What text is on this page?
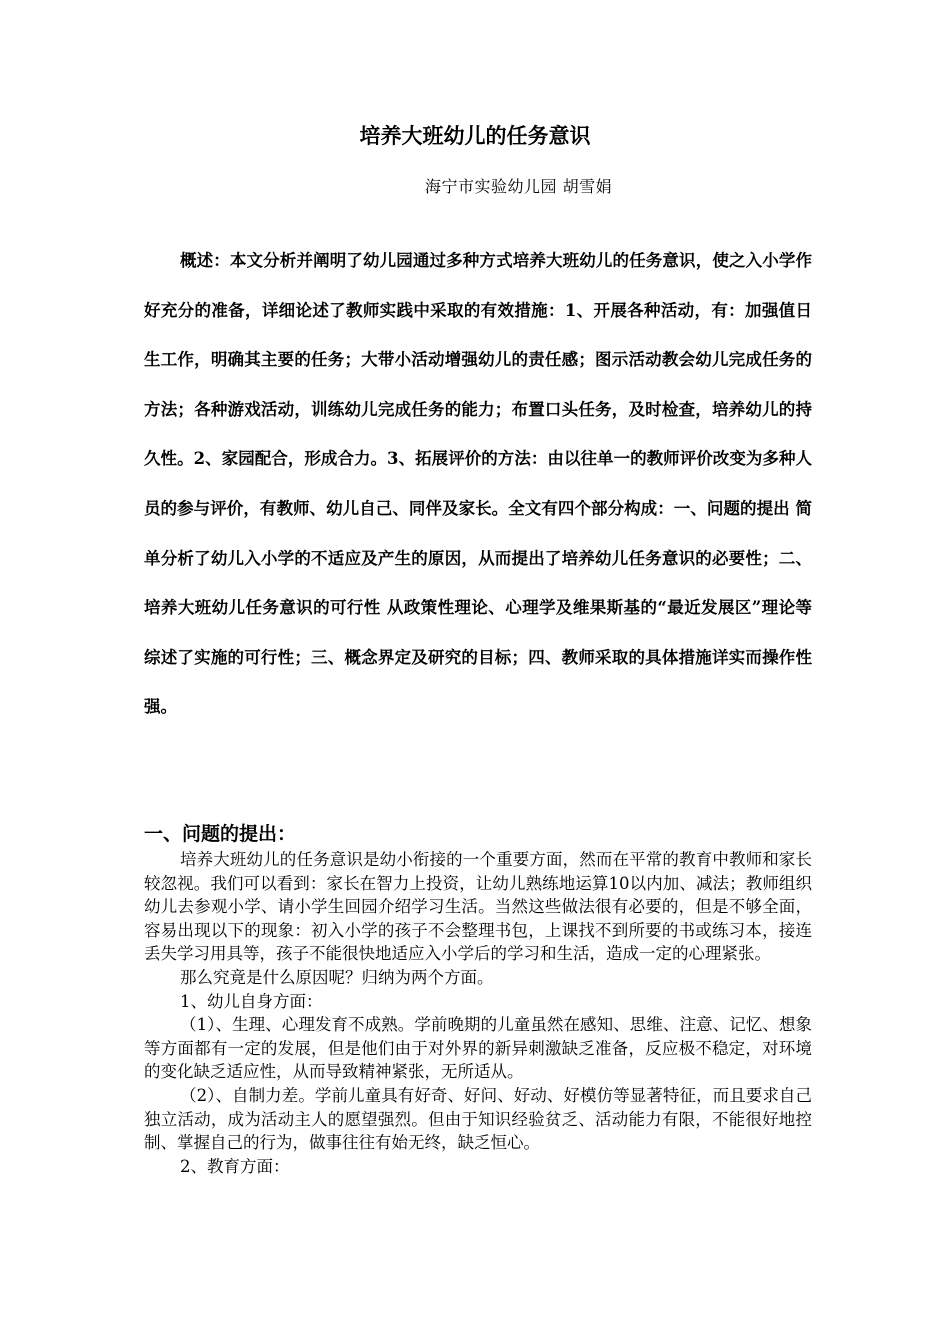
培养大班幼儿的任务意识
海宁市实验幼儿园 胡雪娟
概述：本文分析并阐明了幼儿园通过多种方式培养大班幼儿的任务意识，使之入小学作好充分的准备，详细论述了教师实践中采取的有效措施：1、开展各种活动，有：加强值日生工作，明确其主要的任务；大带小活动增强幼儿的责任感；图示活动教会幼儿完成任务的方法；各种游戏活动，训练幼儿完成任务的能力；布置口头任务，及时检查，培养幼儿的持久性。2、家园配合，形成合力。3、拓展评价的方法：由以往单一的教师评价改变为多种人员的参与评价，有教师、幼儿自己、同伴及家长。全文有四个部分构成：一、问题的提出 简单分析了幼儿入小学的不适应及产生的原因，从而提出了培养幼儿任务意识的必要性；二、培养大班幼儿任务意识的可行性 从政策性理论、心理学及维果斯基的“最近发展区”理论等综述了实施的可行性；三、概念界定及研究的目标；四、教师采取的具体措施详实而操作性强。
一、问题的提出：

培养大班幼儿的任务意识是幼小衔接的一个重要方面，然而在平常的教育中教师和家长较忽视。我们可以看到：家长在智力上投资，让幼儿熟练地运算10以内加、减法；教师组织幼儿去参观小学、请小学生回园介绍学习生活。当然这些做法很有必要的，但是不够全面，容易出现以下的现象：初入小学的孩子不会整理书包，上课找不到所要的书或练习本，接连丢失学习用具等，孩子不能很快地适应入小学后的学习和生活，造成一定的心理紧张。

那么究竟是什么原因呢？归纳为两个方面。

1、幼儿自身方面：

（1）、生理、心理发育不成熟。学前晚期的儿童虽然在感知、思维、注意、记忆、想象等方面都有一定的发展，但是他们由于对外界的新异刺激缺乏准备，反应极不稳定，对环境的变化缺乏适应性，从而导致精神紧张，无所适从。

（2）、自制力差。学前儿童具有好奇、好问、好动、好模仿等显著特征，而且要求自己独立活动，成为活动主人的愿望强烈。但由于知识经验贫乏、活动能力有限，不能很好地控制、掌握自己的行为，做事往往有始无终，缺乏恒心。

2、教育方面：
